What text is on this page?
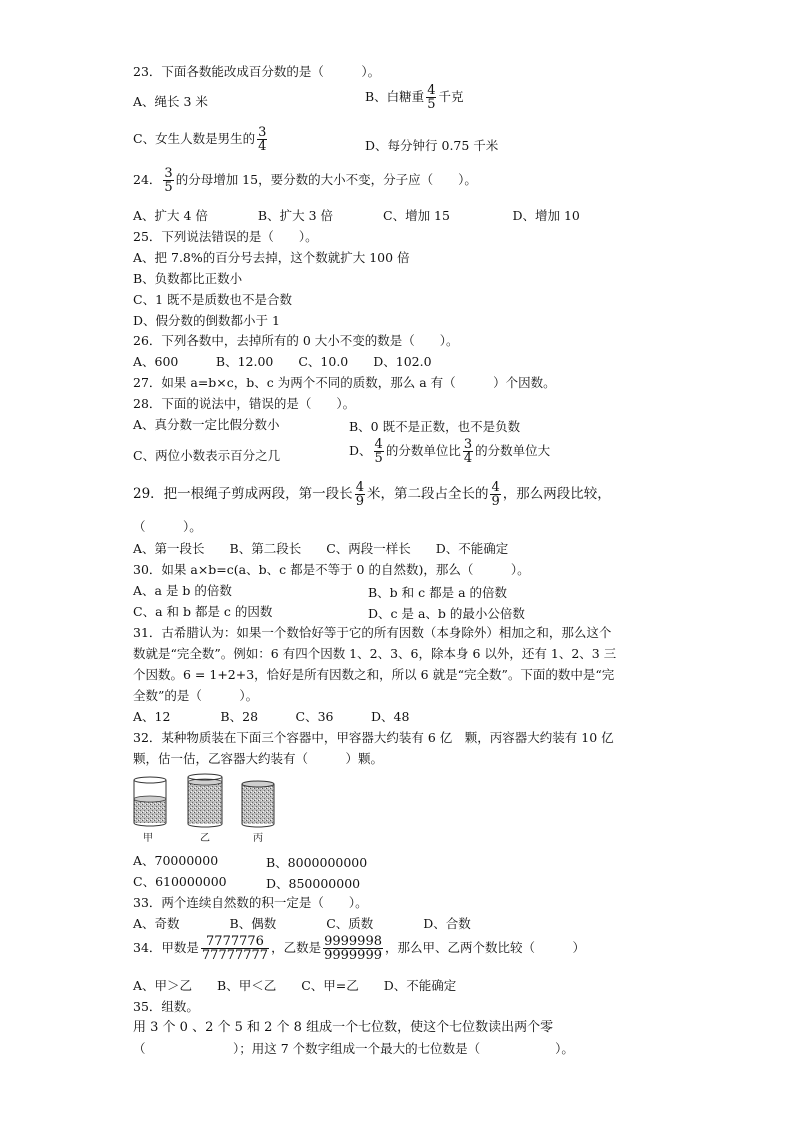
23．下面各数能改成百分数的是（　　　）。
A、绳长 3 米	B、白糖重 $\frac{4}{5}$ 千克
C、女生人数是男生的 $\frac{3}{4}$	D、每分钟行 0.75 千米
24． $\frac{3}{5}$ 的分母增加 15，要分数的大小不变，分子应（　　）。
A、扩大 4 倍　　　　B、扩大 3 倍　　　　C、增加 15　　　　　D、增加 10
25．下列说法错误的是（　　）。
A、把 7.8%的百分号去掉，这个数就扩大 100 倍
B、负数都比正数小
C、1 既不是质数也不是合数
D、假分数的倒数都小于 1
26．下列各数中，去掉所有的 0 大小不变的数是（　　）。
A、600　　　B、12.00　　C、10.0　　D、102.0
27．如果 a=b×c，b、c 为两个不同的质数，那么 a 有（　　　）个因数。
28．下面的说法中，错误的是（　　）。
A、真分数一定比假分数小	B、0 既不是正数，也不是负数
C、两位小数表示百分之几	D、 $\frac{4}{5}$ 的分数单位比 $\frac{3}{4}$ 的分数单位大
29．把一根绳子剪成两段，第一段长 $\frac{4}{9}$ 米，第二段占全长的 $\frac{4}{9}$ ，那么两段比较，
（　　　）。
A、第一段长　　B、第二段长　　C、两段一样长　　D、不能确定
30．如果 a×b=c(a、b、c 都是不等于 0 的自然数)，那么（　　　）。
A、a 是 b 的倍数	B、b 和 c 都是 a 的倍数
C、a 和 b 都是 c 的因数	D、c 是 a、b 的最小公倍数
31．古希腊认为：如果一个数恰好等于它的所有因数（本身除外）相加之和，那么这个
数就是“完全数”。例如：6 有四个因数 1、2、3、6，除本身 6 以外，还有 1、2、3 三
个因数。6 = 1+2+3，恰好是所有因数之和，所以 6 就是“完全数”。下面的数中是“完
全数”的是（　　　）。
A、12　　　　B、28　　　C、36　　　D、48
32．某种物质装在下面三个容器中，甲容器大约装有 6 亿　颗，丙容器大约装有 10 亿
颗，估一估，乙容器大约装有（　　　）颗。
甲	乙	丙
A、70000000	B、8000000000
C、610000000	D、850000000
33．两个连续自然数的积一定是（　　）。
A、奇数　　　　B、偶数　　　　C、质数　　　　D、合数
34．甲数是 $\frac{7777776}{77777777}$ ，乙数是 $\frac{9999998}{9999999}$ ，那么甲、乙两个数比较（　　　）
A、甲＞乙　　B、甲＜乙　　C、甲=乙　　D、不能确定
35．组数。
用 3 个 0 、2 个 5 和 2 个 8 组成一个七位数，使这个七位数读出两个零
（　　　　　　　）；用这 7 个数字组成一个最大的七位数是（　　　　　　）。
